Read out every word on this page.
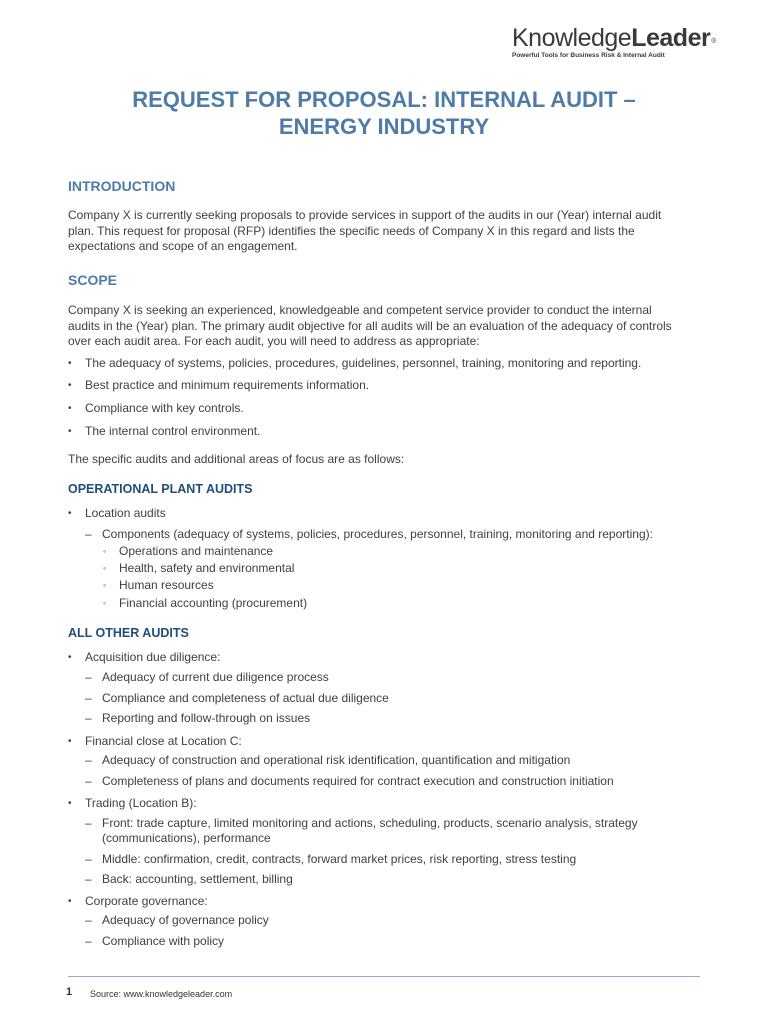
KnowledgeLeader®
Powerful Tools for Business Risk & Internal Audit
REQUEST FOR PROPOSAL: INTERNAL AUDIT –
ENERGY INDUSTRY
INTRODUCTION
Company X is currently seeking proposals to provide services in support of the audits in our (Year) internal audit
plan. This request for proposal (RFP) identifies the specific needs of Company X in this regard and lists the
expectations and scope of an engagement.
SCOPE
Company X is seeking an experienced, knowledgeable and competent service provider to conduct the internal
audits in the (Year) plan. The primary audit objective for all audits will be an evaluation of the adequacy of controls
over each audit area. For each audit, you will need to address as appropriate:
• The adequacy of systems, policies, procedures, guidelines, personnel, training, monitoring and reporting.
• Best practice and minimum requirements information.
• Compliance with key controls.
• The internal control environment.
The specific audits and additional areas of focus are as follows:
OPERATIONAL PLANT AUDITS
• Location audits
– Components (adequacy of systems, policies, procedures, personnel, training, monitoring and reporting):
◦ Operations and maintenance
◦ Health, safety and environmental
◦ Human resources
◦ Financial accounting (procurement)
ALL OTHER AUDITS
• Acquisition due diligence:
– Adequacy of current due diligence process
– Compliance and completeness of actual due diligence
– Reporting and follow-through on issues
• Financial close at Location C:
– Adequacy of construction and operational risk identification, quantification and mitigation
– Completeness of plans and documents required for contract execution and construction initiation
• Trading (Location B):
– Front: trade capture, limited monitoring and actions, scheduling, products, scenario analysis, strategy
(communications), performance
– Middle: confirmation, credit, contracts, forward market prices, risk reporting, stress testing
– Back: accounting, settlement, billing
• Corporate governance:
– Adequacy of governance policy
– Compliance with policy
1 Source: www.knowledgeleader.com
